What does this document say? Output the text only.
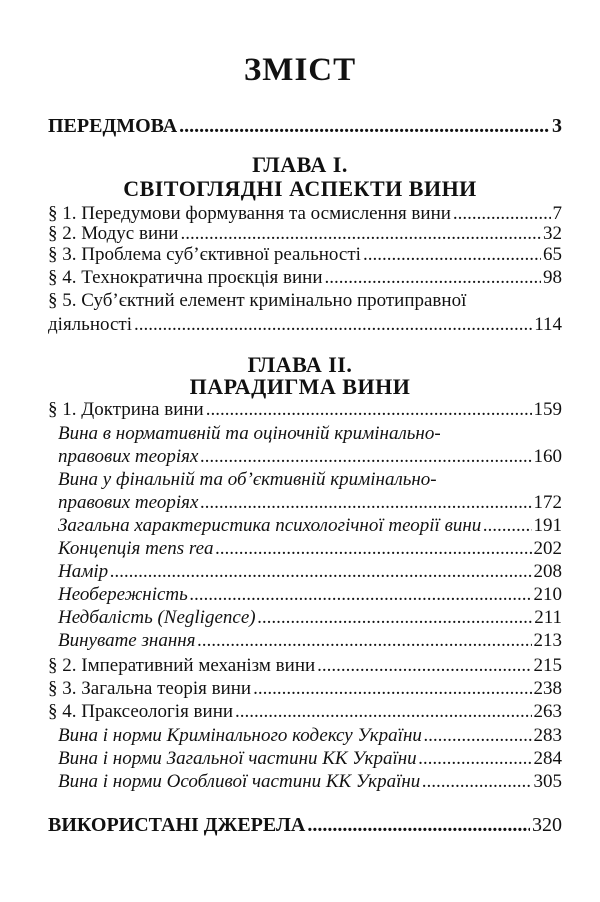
ЗМІСТ
ПЕРЕДМОВА .....	3
ГЛАВА І.
СВІТОГЛЯДНІ АСПЕКТИ ВИНИ
§ 1. Передумови формування та осмислення вини .....	7
§ 2. Модус вини .....	32
§ 3. Проблема суб’єктивної реальності .....	65
§ 4. Технократична проєкція вини .....	98
§ 5. Суб’єктний елемент кримінально протиправної
діяльності .....	114
ГЛАВА ІІ.
ПАРАДИГМА ВИНИ
§ 1. Доктрина вини .....	159
Вина в нормативній та оціночній кримінально-
правових теоріях .....	160
Вина у фінальній та об’єктивній кримінально-
правових теоріях .....	172
Загальна характеристика психологічної теорії вини .....	191
Концепція mens rea .....	202
Намір .....	208
Необережність .....	210
Недбалість (Negligence) .....	211
Винувате знання .....	213
§ 2. Імперативний механізм вини .....	215
§ 3. Загальна теорія вини .....	238
§ 4. Праксеологія вини .....	263
Вина і норми Кримінального кодексу України .....	283
Вина і норми Загальної частини КК України .....	284
Вина і норми Особливої частини КК України .....	305
ВИКОРИСТАНІ ДЖЕРЕЛА .....	320
